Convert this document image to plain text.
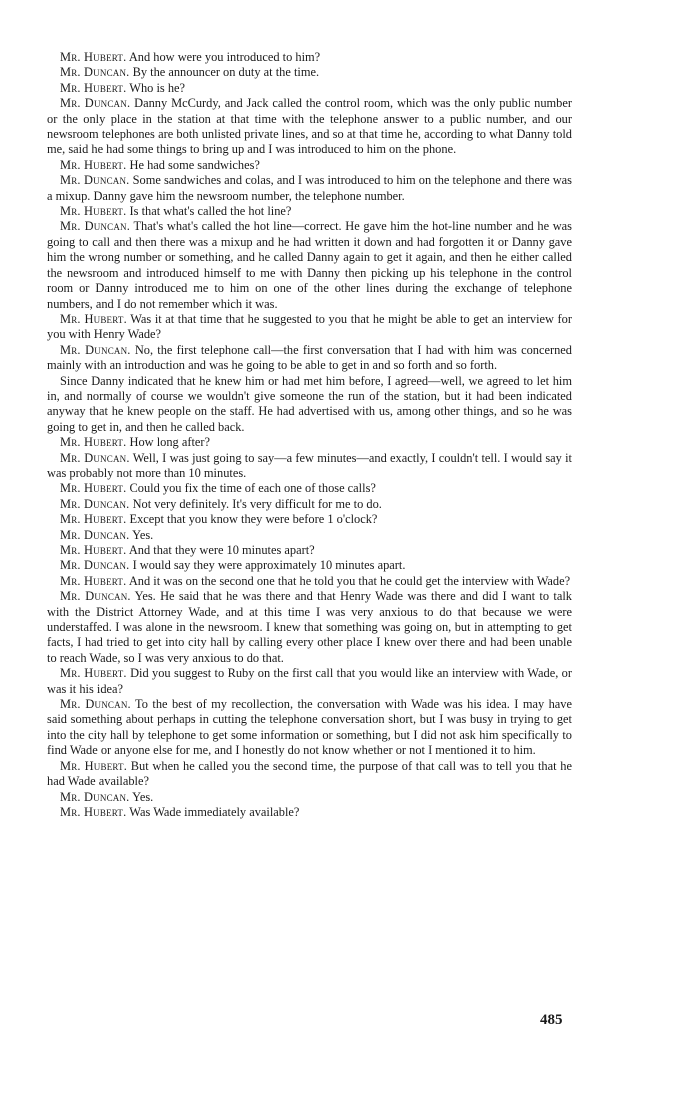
Mr. Hubert. And how were you introduced to him?

Mr. Duncan. By the announcer on duty at the time.

Mr. Hubert. Who is he?

Mr. Duncan. Danny McCurdy, and Jack called the control room, which was the only public number or the only place in the station at that time with the telephone answer to a public number, and our newsroom telephones are both unlisted private lines, and so at that time he, according to what Danny told me, said he had some things to bring up and I was introduced to him on the phone.

Mr. Hubert. He had some sandwiches?

Mr. Duncan. Some sandwiches and colas, and I was introduced to him on the telephone and there was a mixup. Danny gave him the newsroom number, the telephone number.

Mr. Hubert. Is that what's called the hot line?

Mr. Duncan. That's what's called the hot line—correct. He gave him the hot-line number and he was going to call and then there was a mixup and he had written it down and had forgotten it or Danny gave him the wrong number or something, and he called Danny again to get it again, and then he either called the newsroom and introduced himself to me with Danny then picking up his telephone in the control room or Danny introduced me to him on one of the other lines during the exchange of telephone numbers, and I do not remember which it was.

Mr. Hubert. Was it at that time that he suggested to you that he might be able to get an interview for you with Henry Wade?

Mr. Duncan. No, the first telephone call—the first conversation that I had with him was concerned mainly with an introduction and was he going to be able to get in and so forth and so forth.

Since Danny indicated that he knew him or had met him before, I agreed—well, we agreed to let him in, and normally of course we wouldn't give someone the run of the station, but it had been indicated anyway that he knew people on the staff. He had advertised with us, among other things, and so he was going to get in, and then he called back.

Mr. Hubert. How long after?

Mr. Duncan. Well, I was just going to say—a few minutes—and exactly, I couldn't tell. I would say it was probably not more than 10 minutes.

Mr. Hubert. Could you fix the time of each one of those calls?

Mr. Duncan. Not very definitely. It's very difficult for me to do.

Mr. Hubert. Except that you know they were before 1 o'clock?

Mr. Duncan. Yes.

Mr. Hubert. And that they were 10 minutes apart?

Mr. Duncan. I would say they were approximately 10 minutes apart.

Mr. Hubert. And it was on the second one that he told you that he could get the interview with Wade?

Mr. Duncan. Yes. He said that he was there and that Henry Wade was there and did I want to talk with the District Attorney Wade, and at this time I was very anxious to do that because we were understaffed. I was alone in the newsroom. I knew that something was going on, but in attempting to get facts, I had tried to get into city hall by calling every other place I knew over there and had been unable to reach Wade, so I was very anxious to do that.

Mr. Hubert. Did you suggest to Ruby on the first call that you would like an interview with Wade, or was it his idea?

Mr. Duncan. To the best of my recollection, the conversation with Wade was his idea. I may have said something about perhaps in cutting the telephone conversation short, but I was busy in trying to get into the city hall by telephone to get some information or something, but I did not ask him specifically to find Wade or anyone else for me, and I honestly do not know whether or not I mentioned it to him.

Mr. Hubert. But when he called you the second time, the purpose of that call was to tell you that he had Wade available?

Mr. Duncan. Yes.

Mr. Hubert. Was Wade immediately available?

485
